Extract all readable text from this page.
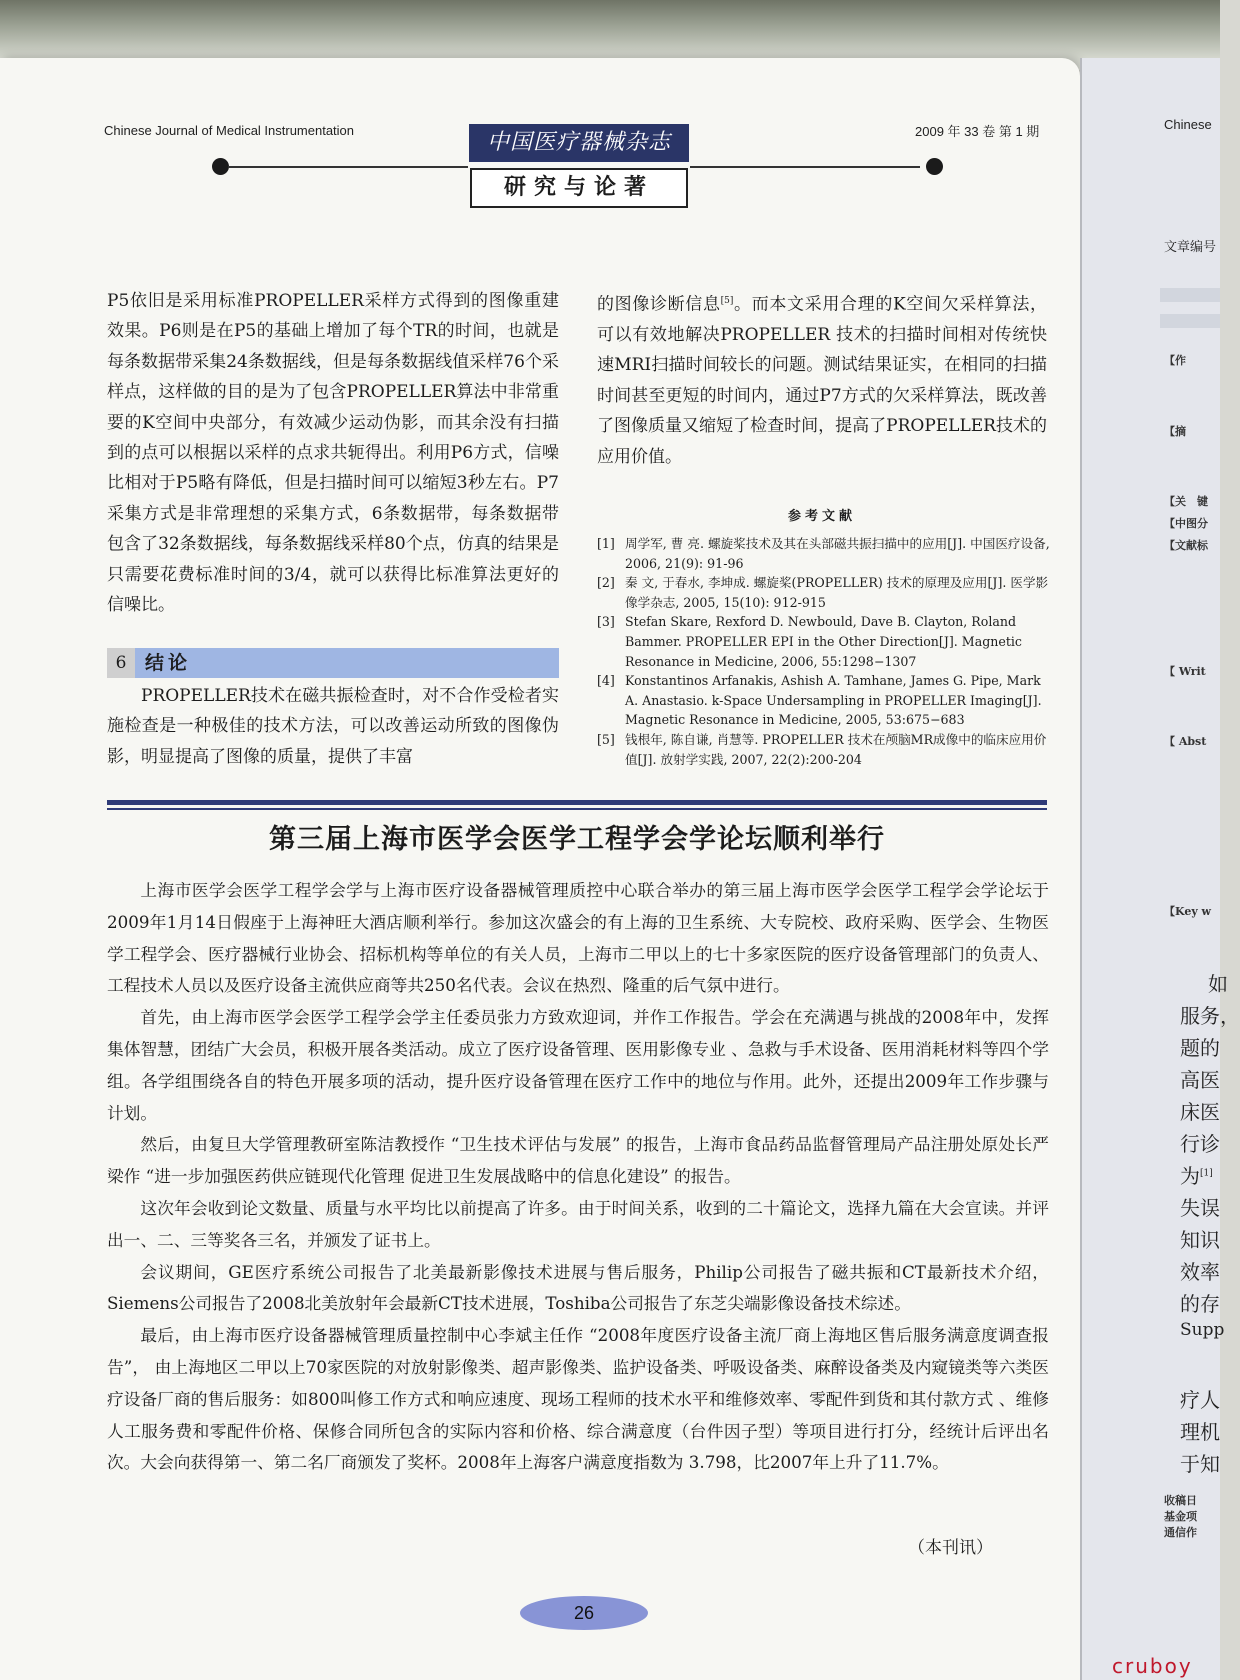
Chinese Journal of Medical Instrumentation	2009 年 33 卷 第 1 期
中国医疗器械杂志
研究与论著
P5依旧是采用标准PROPELLER采样方式得到的图像重建效果。P6则是在P5的基础上增加了每个TR的时间，也就是每条数据带采集24条数据线，但是每条数据线值采样76个采样点，这样做的目的是为了包含PROPELLER算法中非常重要的K空间中央部分，有效减少运动伪影，而其余没有扫描到的点可以根据以采样的点求共轭得出。利用P6方式，信噪比相对于P5略有降低，但是扫描时间可以缩短3秒左右。P7采集方式是非常理想的采集方式，6条数据带，每条数据带包含了32条数据线，每条数据线采样80个点，仿真的结果是只需要花费标准时间的3/4，就可以获得比标准算法更好的信噪比。
6 结论
PROPELLER技术在磁共振检查时，对不合作受检者实施检查是一种极佳的技术方法，可以改善运动所致的图像伪影，明显提高了图像的质量，提供了丰富
的图像诊断信息[5]。而本文采用合理的K空间欠采样算法，可以有效地解决PROPELLER 技术的扫描时间相对传统快速MRI扫描时间较长的问题。测试结果证实，在相同的扫描时间甚至更短的时间内，通过P7方式的欠采样算法，既改善了图像质量又缩短了检查时间，提高了PROPELLER技术的应用价值。
参考文献
[1] 周学军, 曹 亮. 螺旋桨技术及其在头部磁共振扫描中的应用[J]. 中国医疗设备, 2006, 21(9): 91-96
[2] 秦 文, 于春水, 李坤成. 螺旋桨(PROPELLER) 技术的原理及应用[J]. 医学影像学杂志, 2005, 15(10): 912-915
[3] Stefan Skare, Rexford D. Newbould, Dave B. Clayton, Roland Bammer. PROPELLER EPI in the Other Direction[J]. Magnetic Resonance in Medicine, 2006, 55:1298−1307
[4] Konstantinos Arfanakis, Ashish A. Tamhane, James G. Pipe, Mark A. Anastasio. k-Space Undersampling in PROPELLER Imaging[J]. Magnetic Resonance in Medicine, 2005, 53:675−683
[5] 钱根年, 陈自谦, 肖慧等. PROPELLER 技术在颅脑MR成像中的临床应用价值[J]. 放射学实践, 2007, 22(2):200-204
第三届上海市医学会医学工程学会学论坛顺利举行

上海市医学会医学工程学会学与上海市医疗设备器械管理质控中心联合举办的第三届上海市医学会医学工程学会学论坛于2009年1月14日假座于上海神旺大酒店顺利举行。参加这次盛会的有上海的卫生系统、大专院校、政府采购、医学会、生物医学工程学会、医疗器械行业协会、招标机构等单位的有关人员，上海市二甲以上的七十多家医院的医疗设备管理部门的负责人、工程技术人员以及医疗设备主流供应商等共250名代表。会议在热烈、隆重的后气氛中进行。

首先，由上海市医学会医学工程学会学主任委员张力方致欢迎词，并作工作报告。学会在充满遇与挑战的2008年中，发挥集体智慧，团结广大会员，积极开展各类活动。成立了医疗设备管理、医用影像专业 、急救与手术设备、医用消耗材料等四个学组。各学组围绕各自的特色开展多项的活动，提升医疗设备管理在医疗工作中的地位与作用。此外，还提出2009年工作步骤与计划。

然后，由复旦大学管理教研室陈洁教授作 “卫生技术评估与发展” 的报告，上海市食品药品监督管理局产品注册处原处长严梁作 “进一步加强医药供应链现代化管理 促进卫生发展战略中的信息化建设” 的报告。

这次年会收到论文数量、质量与水平均比以前提高了许多。由于时间关系，收到的二十篇论文，选择九篇在大会宣读。并评出一、二、三等奖各三名，并颁发了证书上。

会议期间，GE医疗系统公司报告了北美最新影像技术进展与售后服务，Philip公司报告了磁共振和CT最新技术介绍，Siemens公司报告了2008北美放射年会最新CT技术进展，Toshiba公司报告了东芝尖端影像设备技术综述。

最后，由上海市医疗设备器械管理质量控制中心李斌主任作 “2008年度医疗设备主流厂商上海地区售后服务满意度调查报告”， 由上海地区二甲以上70家医院的对放射影像类、超声影像类、监护设备类、呼吸设备类、麻醉设备类及内窥镜类等六类医疗设备厂商的售后服务：如800叫修工作方式和响应速度、现场工程师的技术水平和维修效率、零配件到货和其付款方式 、维修人工服务费和零配件价格、保修合同所包含的实际内容和价格、综合满意度（台件因子型）等项目进行打分，经统计后评出名次。大会向获得第一、第二名厂商颁发了奖杯。2008年上海客户满意度指数为 3.798，比2007年上升了11.7%。

（本刊讯）
26
Chinese
文章编号
【作
【摘
【关　键
【中图分
【文献标
【 Writ
【 Abst
【Key w
如
服务，
题的
高医
床医
行诊
为[1]
失误
知识
效率
的存
Supp
疗人
理机
于知
收稿日
基金项
通信作
cruboy
